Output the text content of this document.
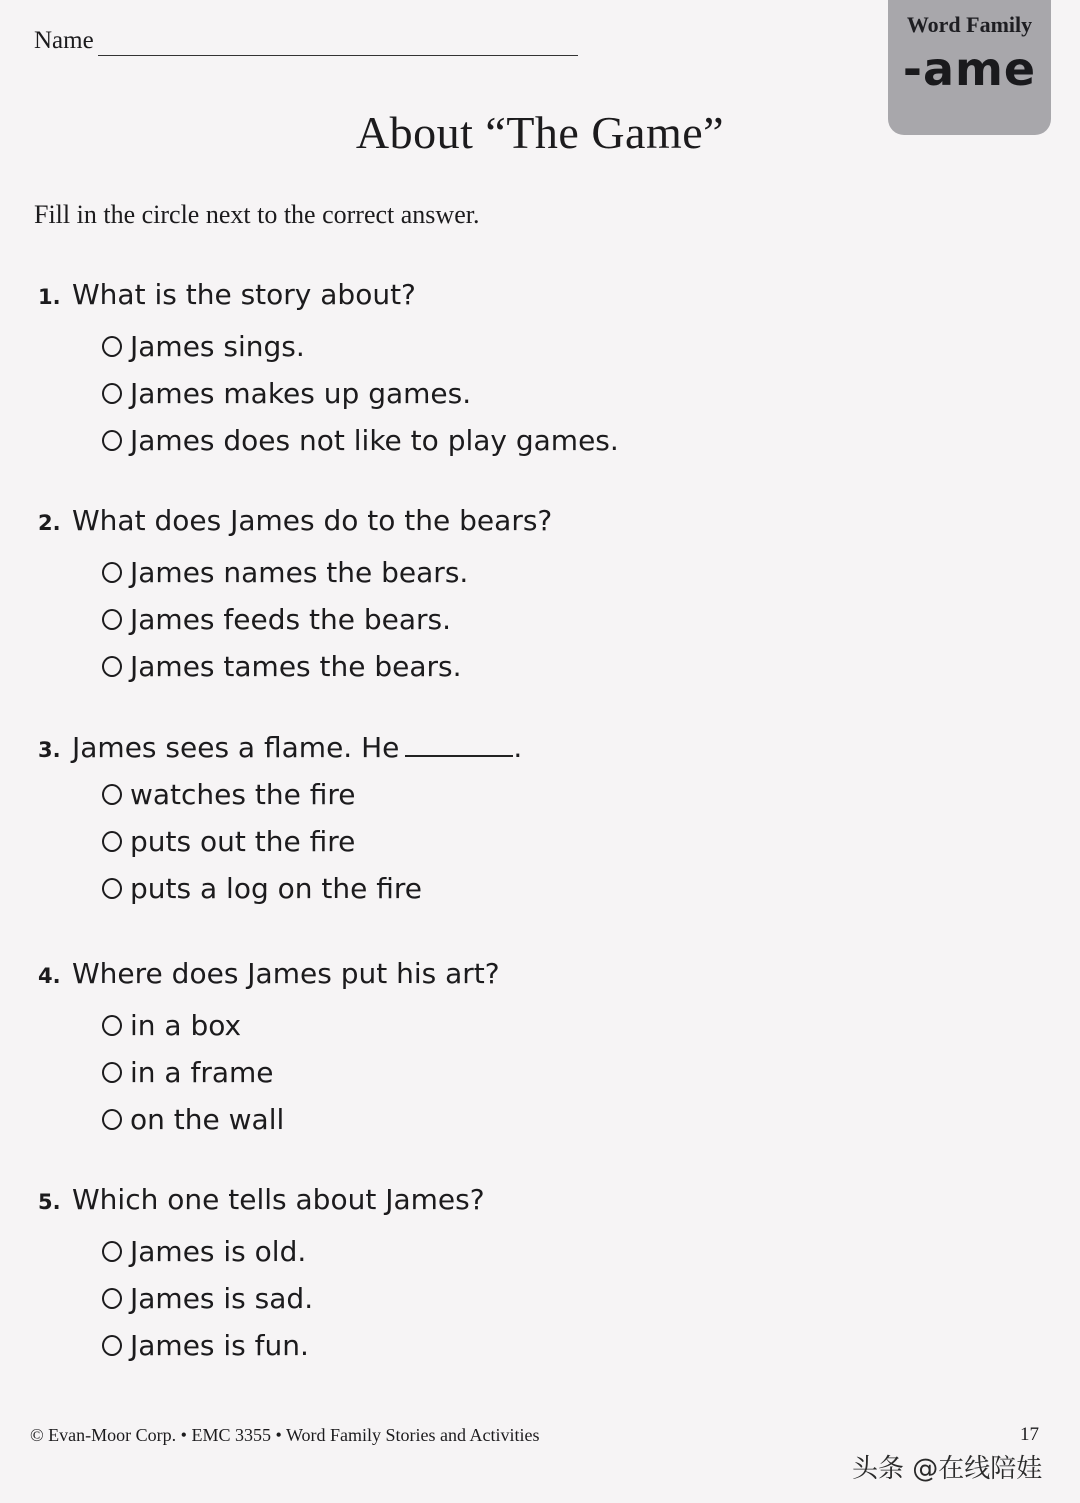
Name
Word Family
-ame
About “The Game”
Fill in the circle next to the correct answer.
1. What is the story about?
James sings.
James makes up games.
James does not like to play games.
2. What does James do to the bears?
James names the bears.
James feeds the bears.
James tames the bears.
3. James sees a flame. He	.
watches the fire
puts out the fire
puts a log on the fire
4. Where does James put his art?
in a box
in a frame
on the wall
5. Which one tells about James?
James is old.
James is sad.
James is fun.
© Evan-Moor Corp. • EMC 3355 • Word Family Stories and Activities	17
头条 @在线陪娃
